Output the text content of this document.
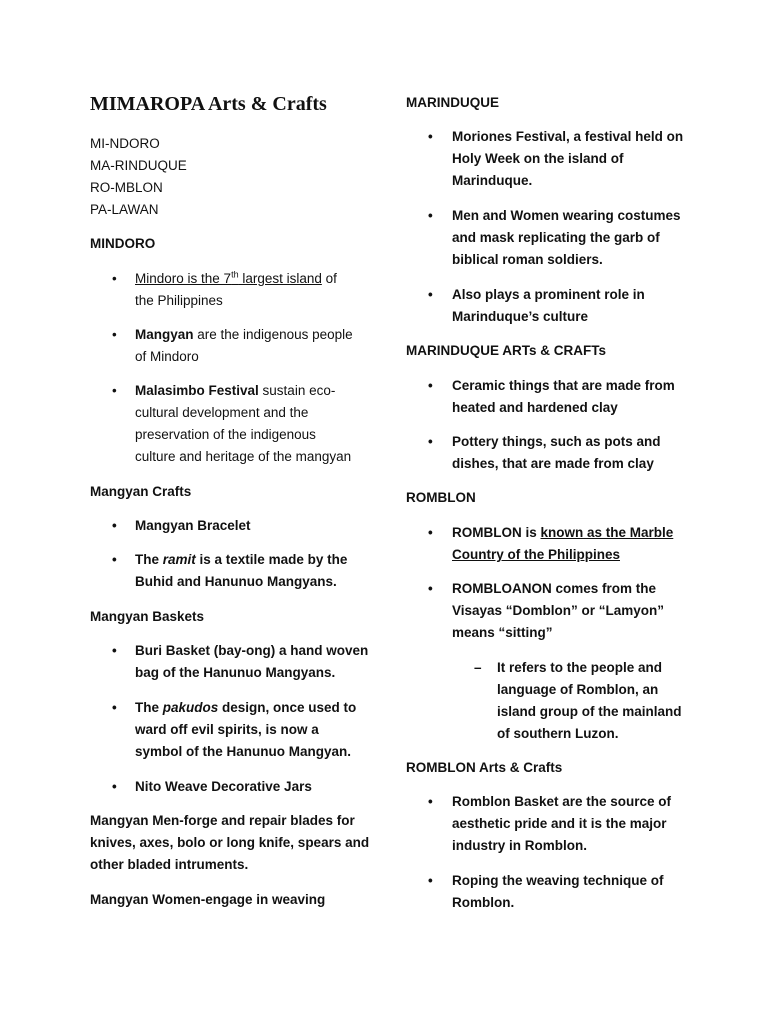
MIMAROPA Arts & Crafts
MI-NDORO
MA-RINDUQUE
RO-MBLON
PA-LAWAN
MINDORO
•	Mindoro is the 7th largest island of
the Philippines
•	Mangyan are the indigenous people
of Mindoro
•	Malasimbo Festival sustain eco-
cultural development and the
preservation of the indigenous
culture and heritage of the mangyan
Mangyan Crafts
•	Mangyan Bracelet
•	The ramit is a textile made by the
Buhid and Hanunuo Mangyans.
Mangyan Baskets
•	Buri Basket (bay-ong) a hand woven
bag of the Hanunuo Mangyans.
•	The pakudos design, once used to
ward off evil spirits, is now a
symbol of the Hanunuo Mangyan.
•	Nito Weave Decorative Jars
Mangyan Men-forge and repair blades for
knives, axes, bolo or long knife, spears and
other bladed intruments.
Mangyan Women-engage in weaving
MARINDUQUE
•	Moriones Festival, a festival held on
Holy Week on the island of
Marinduque.
•	Men and Women wearing costumes
and mask replicating the garb of
biblical roman soldiers.
•	Also plays a prominent role in
Marinduque’s culture
MARINDUQUE ARTs & CRAFTs
•	Ceramic things that are made from
heated and hardened clay
•	Pottery things, such as pots and
dishes, that are made from clay
ROMBLON
•	ROMBLON is known as the Marble
Country of the Philippines
•	ROMBLOANON comes from the
Visayas “Domblon” or “Lamyon”
means “sitting”
– It refers to the people and
language of Romblon, an
island group of the mainland
of southern Luzon.
ROMBLON Arts & Crafts
•	Romblon Basket are the source of
aesthetic pride and it is the major
industry in Romblon.
•	Roping the weaving technique of
Romblon.
